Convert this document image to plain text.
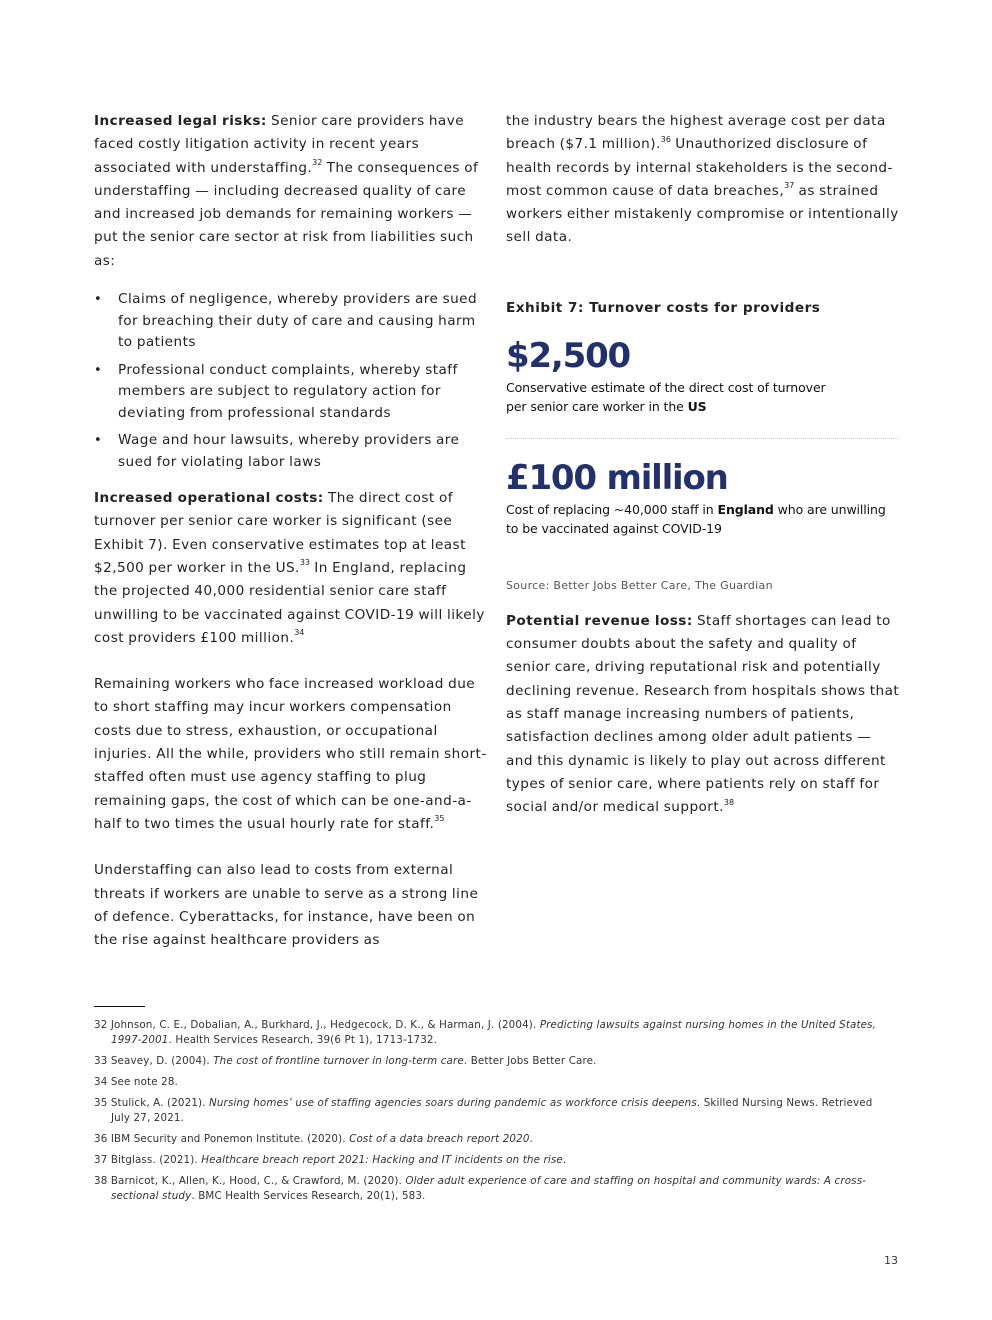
Increased legal risks: Senior care providers have faced costly litigation activity in recent years associated with understaffing.$^{32}$ The consequences of understaffing — including decreased quality of care and increased job demands for remaining workers — put the senior care sector at risk from liabilities such as:

• Claims of negligence, whereby providers are sued for breaching their duty of care and causing harm to patients
• Professional conduct complaints, whereby staff members are subject to regulatory action for deviating from professional standards
• Wage and hour lawsuits, whereby providers are sued for violating labor laws

Increased operational costs: The direct cost of turnover per senior care worker is significant (see Exhibit 7). Even conservative estimates top at least $2,500 per worker in the US.$^{33}$ In England, replacing the projected 40,000 residential senior care staff unwilling to be vaccinated against COVID-19 will likely cost providers £100 million.$^{34}$

Remaining workers who face increased workload due to short staffing may incur workers compensation costs due to stress, exhaustion, or occupational injuries. All the while, providers who still remain short-staffed often must use agency staffing to plug remaining gaps, the cost of which can be one-and-a-half to two times the usual hourly rate for staff.$^{35}$

Understaffing can also lead to costs from external threats if workers are unable to serve as a strong line of defence. Cyberattacks, for instance, have been on the rise against healthcare providers as

the industry bears the highest average cost per data breach ($7.1 million).$^{36}$ Unauthorized disclosure of health records by internal stakeholders is the second-most common cause of data breaches,$^{37}$ as strained workers either mistakenly compromise or intentionally sell data.

Exhibit 7: Turnover costs for providers

$2,500

Conservative estimate of the direct cost of turnover per senior care worker in the US

£100 million

Cost of replacing ~40,000 staff in England who are unwilling to be vaccinated against COVID-19

Source: Better Jobs Better Care, The Guardian

Potential revenue loss: Staff shortages can lead to consumer doubts about the safety and quality of senior care, driving reputational risk and potentially declining revenue. Research from hospitals shows that as staff manage increasing numbers of patients, satisfaction declines among older adult patients — and this dynamic is likely to play out across different types of senior care, where patients rely on staff for social and/or medical support.$^{38}$

32 Johnson, C. E., Dobalian, A., Burkhard, J., Hedgecock, D. K., & Harman, J. (2004). Predicting lawsuits against nursing homes in the United States, 1997-2001. Health Services Research, 39(6 Pt 1), 1713-1732.

33 Seavey, D. (2004). The cost of frontline turnover in long-term care. Better Jobs Better Care.

34 See note 28.

35 Stulick, A. (2021). Nursing homes’ use of staffing agencies soars during pandemic as workforce crisis deepens. Skilled Nursing News. Retrieved July 27, 2021.

36 IBM Security and Ponemon Institute. (2020). Cost of a data breach report 2020.

37 Bitglass. (2021). Healthcare breach report 2021: Hacking and IT incidents on the rise.

38 Barnicot, K., Allen, K., Hood, C., & Crawford, M. (2020). Older adult experience of care and staffing on hospital and community wards: A cross-sectional study. BMC Health Services Research, 20(1), 583.

13
